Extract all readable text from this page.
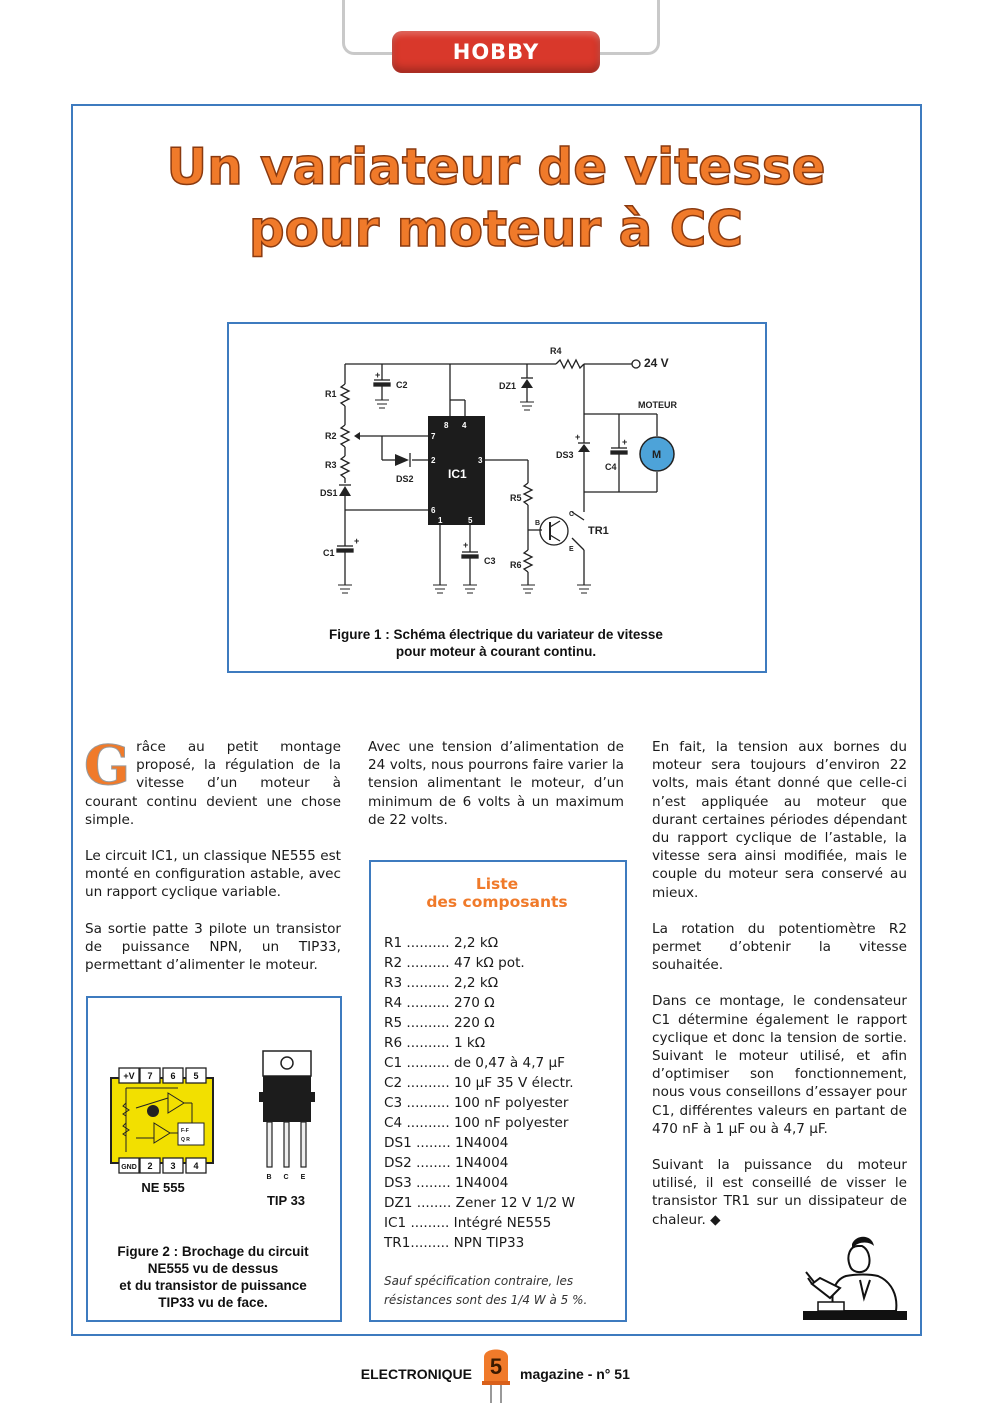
HOBBY
Un variateur de vitesse
pour moteur à CC
R1
R2
R3
DS1
C1
+
C2
+
DS2
C3
+
R4
R5
R6
DZ1
DS3
+
C4
+
MOTEUR
M
24 V
IC1
8 4
7
2	3
6
1	5
TR1
B
C
E
Figure 1 : Schéma électrique du variateur de vitesse
pour moteur à courant continu.

Grâce au petit montage proposé, la régulation de la vitesse d’un moteur à courant continu devient une chose simple.

Le circuit IC1, un classique NE555 est monté en configuration astable, avec un rapport cyclique variable.

Sa sortie patte 3 pilote un transistor de puissance NPN, un TIP33, permettant d’alimenter le moteur.

+V 7 6 5
GND 2 3 4
F-F
Q R
B C E
NE 555
TIP 33
Figure 2 : Brochage du circuit
NE555 vu de dessus
et du transistor de puissance
TIP33 vu de face.

Avec une tension d’alimentation de 24 volts, nous pourrons faire varier la tension alimentant le moteur, d’un minimum de 6 volts à un maximum de 22 volts.

Liste
des composants
R1 .......... 2,2 kΩ
R2 .......... 47 kΩ pot.
R3 .......... 2,2 kΩ
R4 .......... 270 Ω
R5 .......... 220 Ω
R6 .......... 1 kΩ
C1 .......... de 0,47 à 4,7 µF
C2 .......... 10 µF 35 V électr.
C3 .......... 100 nF polyester
C4 .......... 100 nF polyester
DS1 ........ 1N4004
DS2 ........ 1N4004
DS3 ........ 1N4004
DZ1 ........ Zener 12 V 1/2 W
IC1 ......... Intégré NE555
TR1......... NPN TIP33
Sauf spécification contraire, les résistances sont des 1/4 W à 5 %.

En fait, la tension aux bornes du moteur sera toujours d’environ 22 volts, mais étant donné que celle-ci n’est appliquée au moteur que durant certaines périodes dépendant du rapport cyclique de l’astable, la vitesse sera ainsi modifiée, mais le couple du moteur sera conservé au mieux.

La rotation du potentiomètre R2 permet d’obtenir la vitesse souhaitée.

Dans ce montage, le condensateur C1 détermine également le rapport cyclique et donc la tension de sortie. Suivant le moteur utilisé, et afin d’optimiser son fonctionnement, nous vous conseillons d’essayer pour C1, différentes valeurs en partant de 470 nF à 1 µF ou à 4,7 µF.

Suivant la puissance du moteur utilisé, il est conseillé de visser le transistor TR1 sur un dissipateur de chaleur. ◆

ELECTRONIQUE 5	magazine - n° 51
